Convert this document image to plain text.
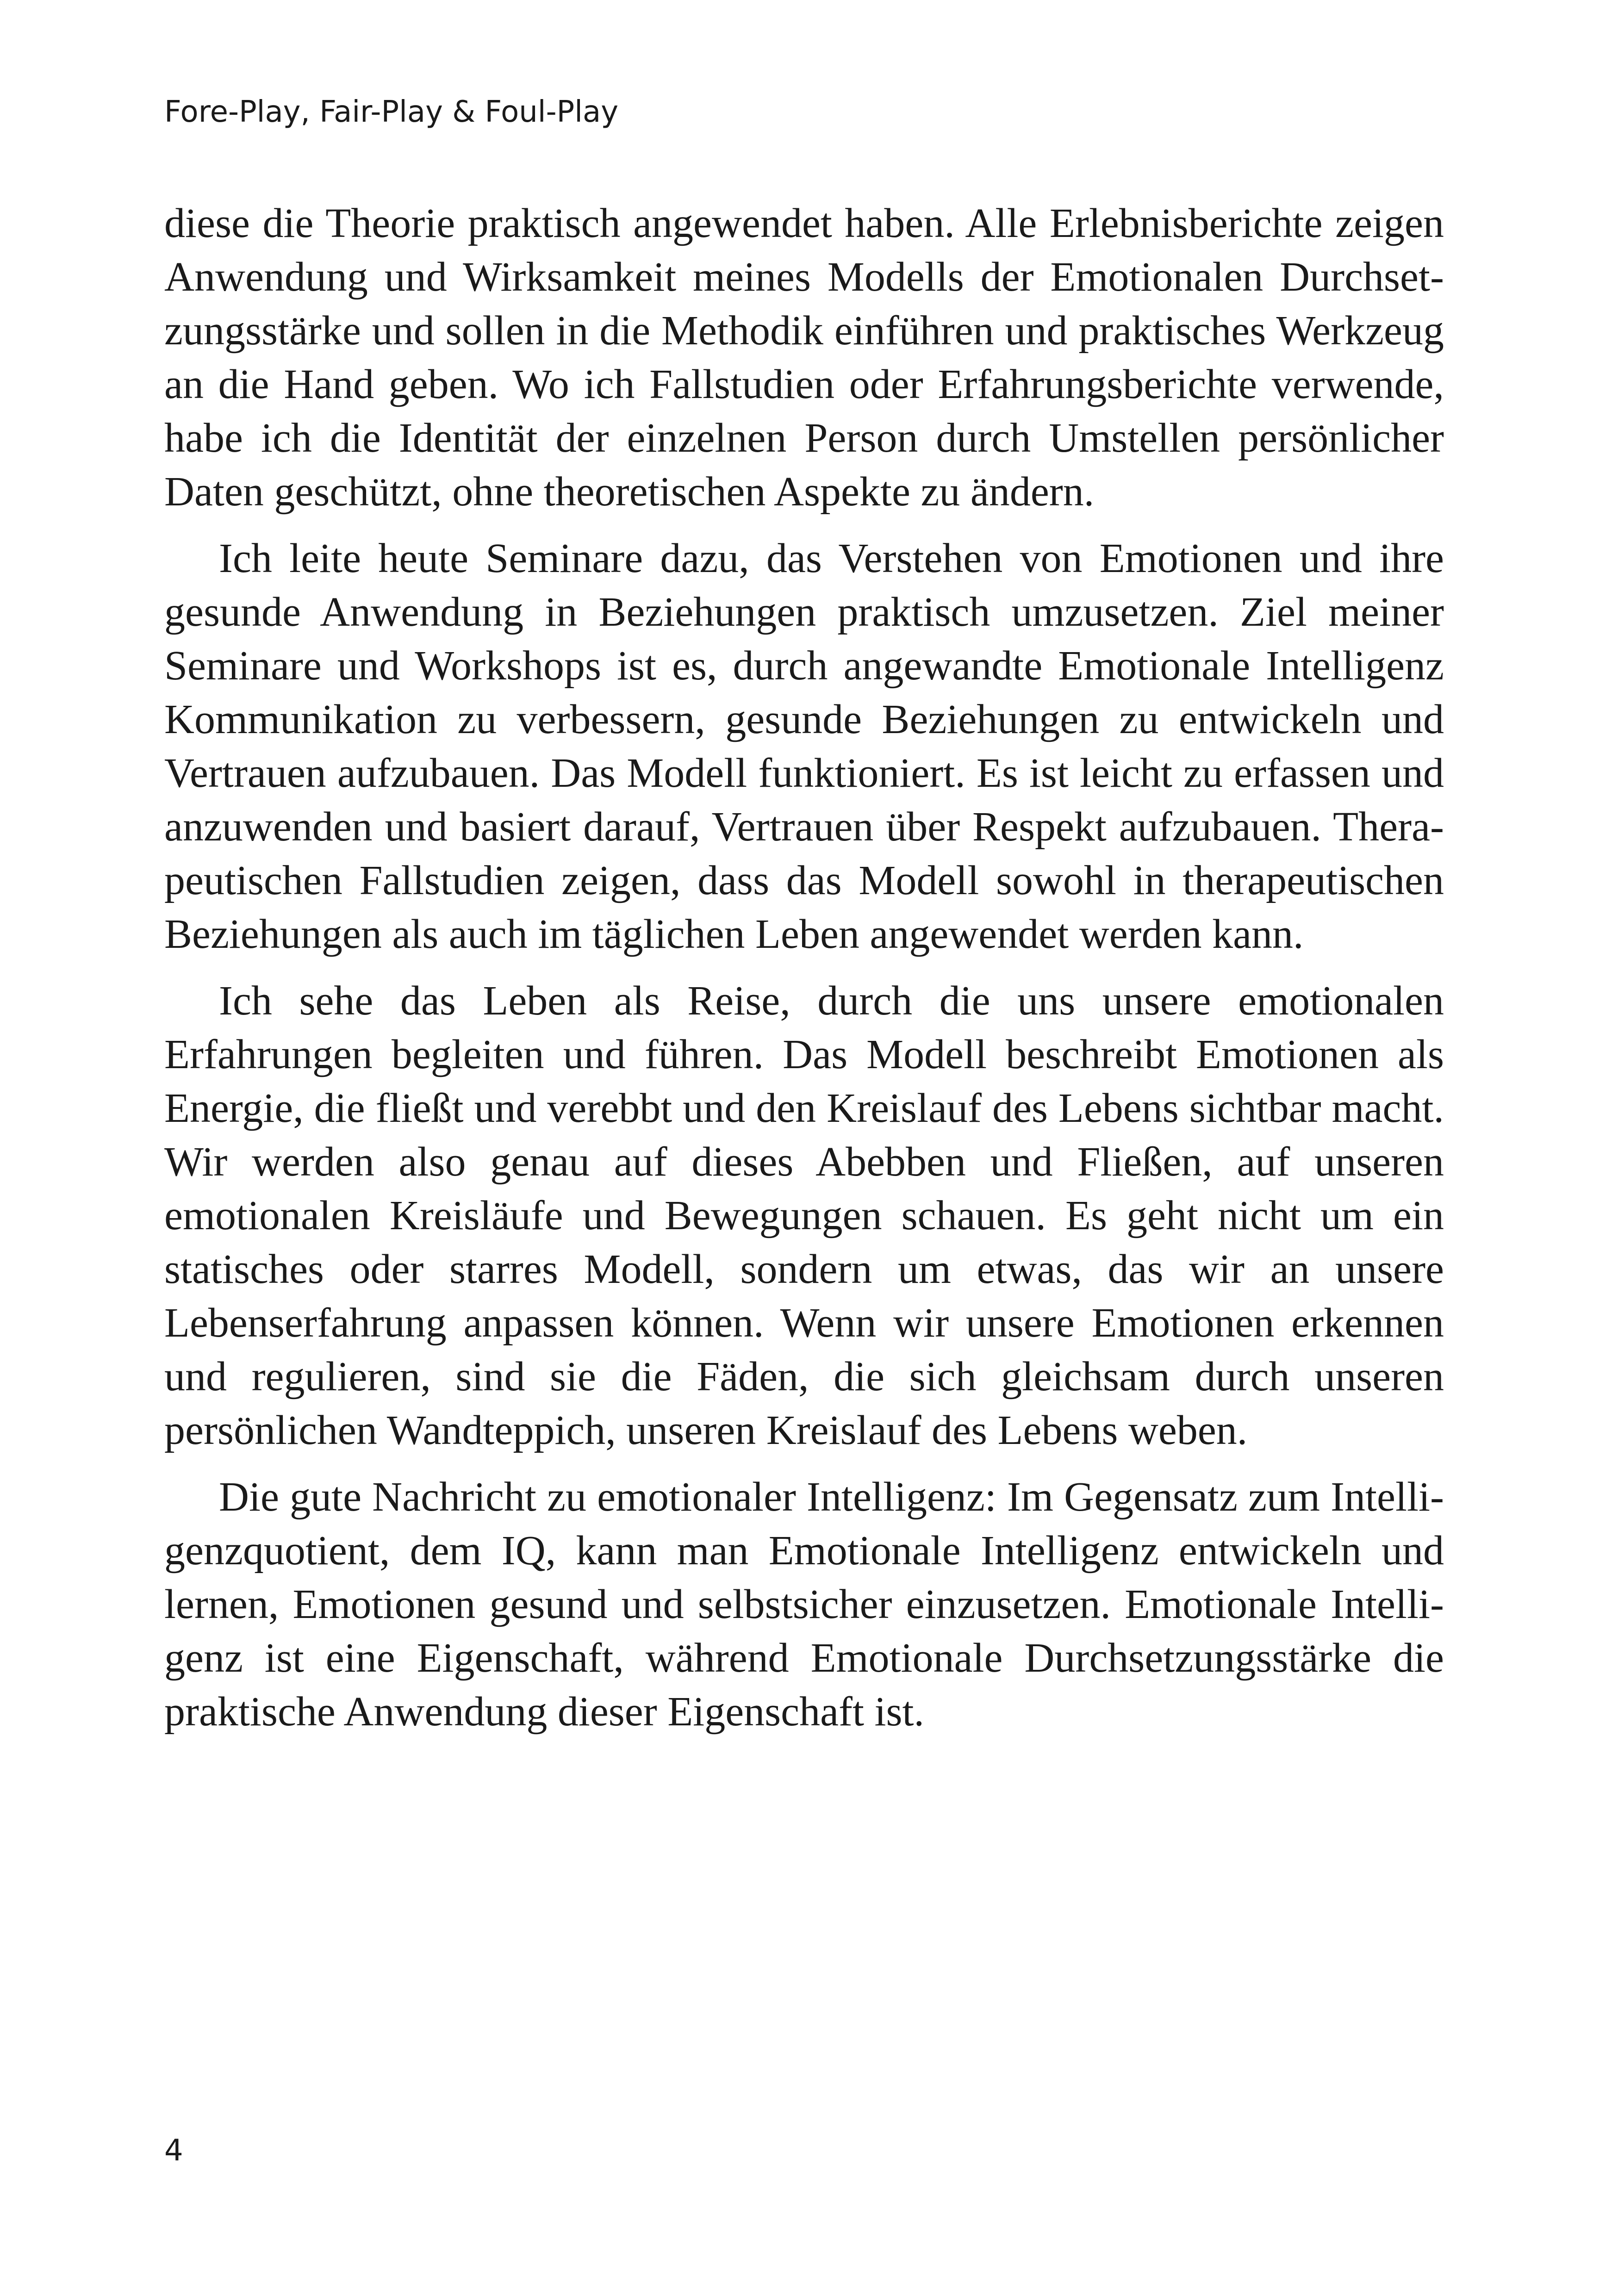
Fore-Play, Fair-Play & Foul-Play

diese die Theorie praktisch angewendet haben. Alle Erlebnisberichte zeigen Anwendung und Wirksamkeit meines Modells der Emotionalen Durchsetzungsstärke und sollen in die Methodik einführen und praktisches Werkzeug an die Hand geben. Wo ich Fallstudien oder Erfahrungsberichte verwende, habe ich die Identität der einzelnen Person durch Umstellen persönlicher Daten geschützt, ohne theoretischen Aspekte zu ändern.

Ich leite heute Seminare dazu, das Verstehen von Emotionen und ihre gesunde Anwendung in Beziehungen praktisch umzusetzen. Ziel meiner Seminare und Workshops ist es, durch angewandte Emotionale Intelligenz Kommunikation zu verbessern, gesunde Beziehungen zu entwickeln und Vertrauen aufzubauen. Das Modell funktioniert. Es ist leicht zu erfassen und anzuwenden und basiert darauf, Vertrauen über Respekt aufzubauen. Therapeutischen Fallstudien zeigen, dass das Modell sowohl in therapeutischen Beziehungen als auch im täglichen Leben angewendet werden kann.

Ich sehe das Leben als Reise, durch die uns unsere emotionalen Erfahrungen begleiten und führen. Das Modell beschreibt Emotionen als Energie, die fließt und verebbt und den Kreislauf des Lebens sichtbar macht. Wir werden also genau auf dieses Abebben und Fließen, auf unseren emotionalen Kreisläufe und Bewegungen schauen. Es geht nicht um ein statisches oder starres Modell, sondern um etwas, das wir an unsere Lebenserfahrung anpassen können. Wenn wir unsere Emotionen erkennen und regulieren, sind sie die Fäden, die sich gleichsam durch unseren persönlichen Wandteppich, unseren Kreislauf des Lebens weben.

Die gute Nachricht zu emotionaler Intelligenz: Im Gegensatz zum Intelligenzquotient, dem IQ, kann man Emotionale Intelligenz entwickeln und lernen, Emotionen gesund und selbstsicher einzusetzen. Emotionale Intelligenz ist eine Eigenschaft, während Emotionale Durchsetzungsstärke die praktische Anwendung dieser Eigenschaft ist.

4
